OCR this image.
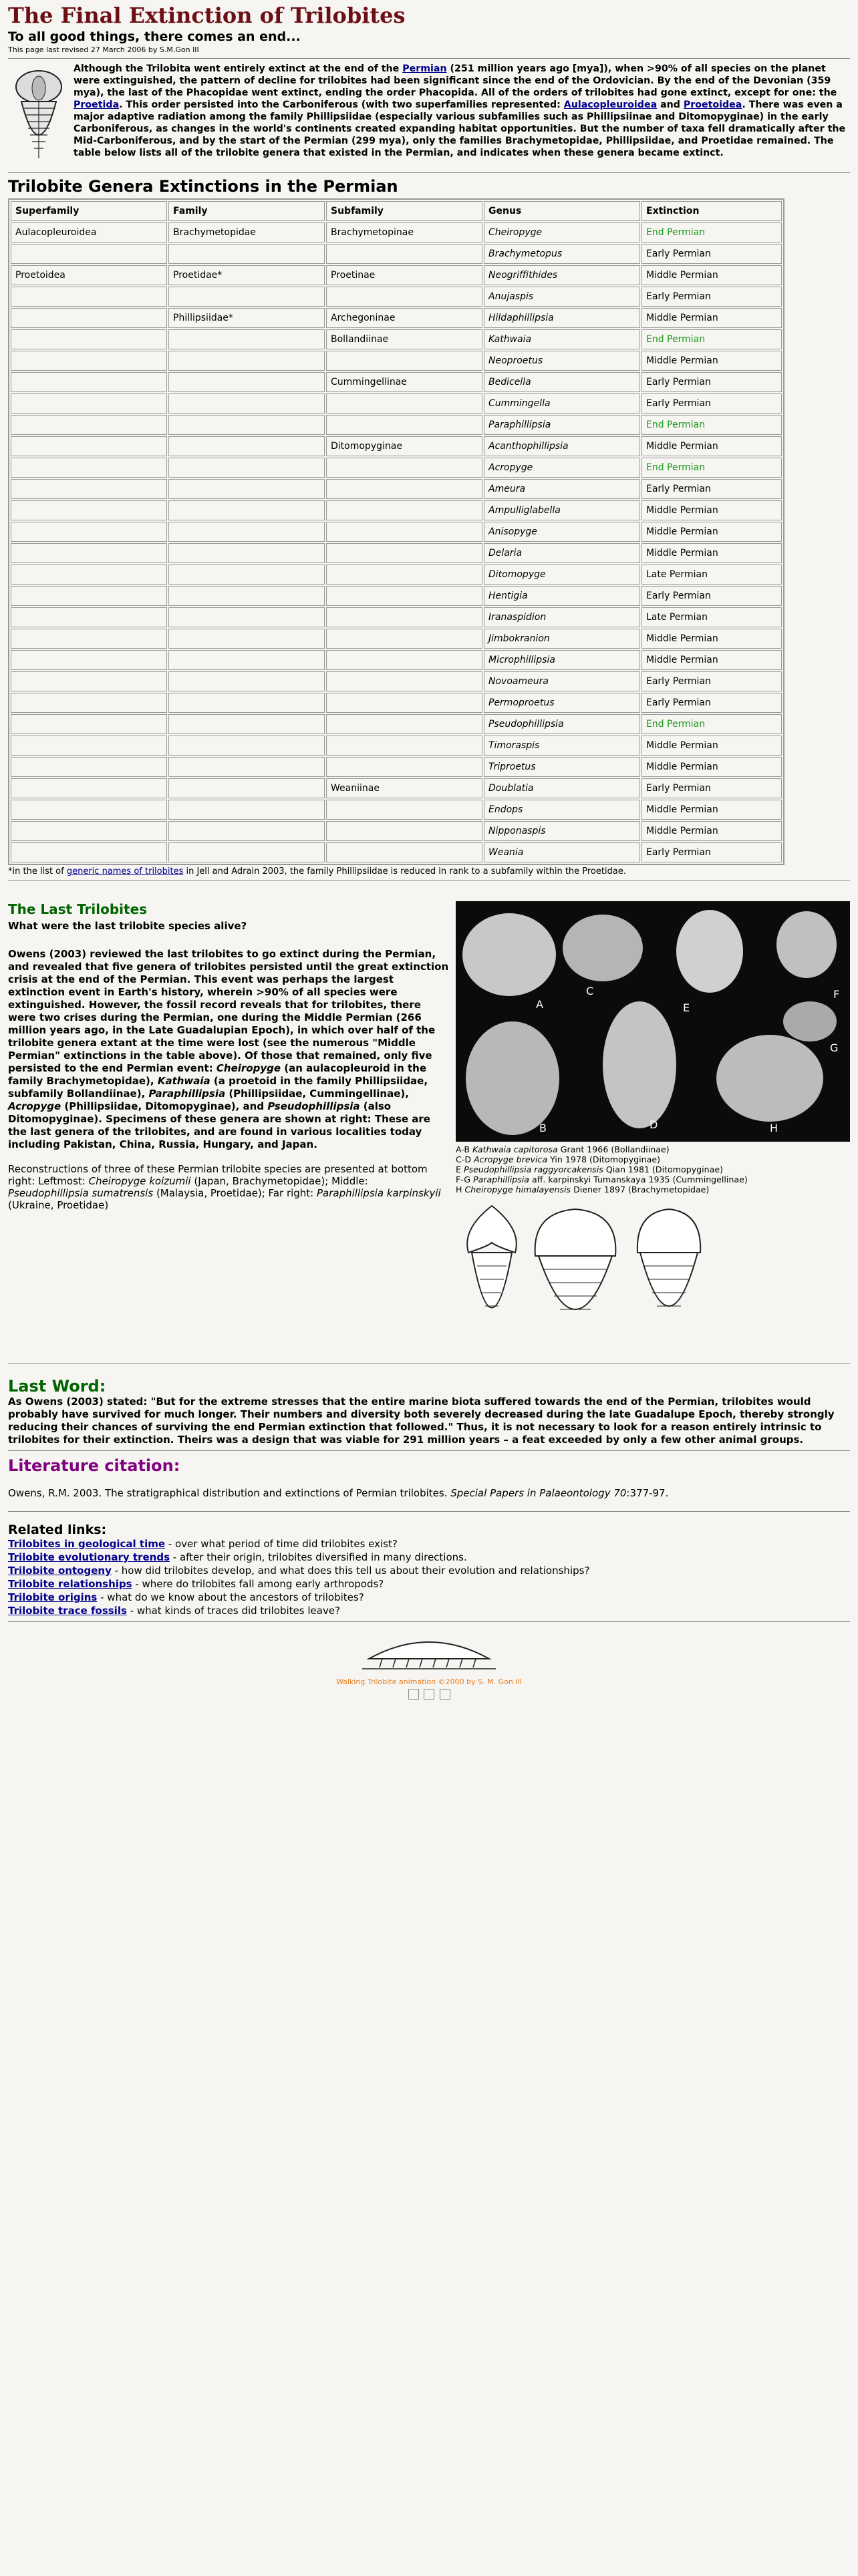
The Final Extinction of Trilobites
To all good things, there comes an end...
This page last revised 27 March 2006 by S.M.Gon III
Although the Trilobita went entirely extinct at the end of the Permian (251 million years ago [mya]), when >90% of all species on the planet were extinguished, the pattern of decline for trilobites had been significant since the end of the Ordovician. By the end of the Devonian (359 mya), the last of the Phacopidae went extinct, ending the order Phacopida. All of the orders of trilobites had gone extinct, except for one: the Proetida. This order persisted into the Carboniferous (with two superfamilies represented: Aulacopleuroidea and Proetoidea. There was even a major adaptive radiation among the family Phillipsiidae (especially various subfamilies such as Phillipsiinae and Ditomopyginae) in the early Carboniferous, as changes in the world's continents created expanding habitat opportunities. But the number of taxa fell dramatically after the Mid-Carboniferous, and by the start of the Permian (299 mya), only the families Brachymetopidae, Phillipsiidae, and Proetidae remained. The table below lists all of the trilobite genera that existed in the Permian, and indicates when these genera became extinct.
Trilobite Genera Extinctions in the Permian
Superfamily	Family	Subfamily	Genus	Extinction
Aulacopleuroidea	Brachymetopidae	Brachymetopinae	Cheiropyge	End Permian
			Brachymetopus	Early Permian
Proetoidea	Proetidae*	Proetinae	Neogriffithides	Middle Permian
			Anujaspis	Early Permian
	Phillipsiidae*	Archegoninae	Hildaphillipsia	Middle Permian
		Bollandiinae	Kathwaia	End Permian
			Neoproetus	Middle Permian
		Cummingellinae	Bedicella	Early Permian
			Cummingella	Early Permian
			Paraphillipsia	End Permian
		Ditomopyginae	Acanthophillipsia	Middle Permian
			Acropyge	End Permian
			Ameura	Early Permian
			Ampulliglabella	Middle Permian
			Anisopyge	Middle Permian
			Delaria	Middle Permian
			Ditomopyge	Late Permian
			Hentigia	Early Permian
			Iranaspidion	Late Permian
			Jimbokranion	Middle Permian
			Microphillipsia	Middle Permian
			Novoameura	Early Permian
			Permoproetus	Early Permian
			Pseudophillipsia	End Permian
			Timoraspis	Middle Permian
			Triproetus	Middle Permian
		Weaniinae	Doublatia	Early Permian
			Endops	Middle Permian
			Nipponaspis	Middle Permian
			Weania	Early Permian
*in the list of generic names of trilobites in Jell and Adrain 2003, the family Phillipsiidae is reduced in rank to a subfamily within the Proetidae.
The Last Trilobites
What were the last trilobite species alive?
Owens (2003) reviewed the last trilobites to go extinct during the Permian, and revealed that five genera of trilobites persisted until the great extinction crisis at the end of the Permian. This event was perhaps the largest extinction event in Earth's history, wherein >90% of all species were extinguished. However, the fossil record reveals that for trilobites, there were two crises during the Permian, one during the Middle Permian (266 million years ago, in the Late Guadalupian Epoch), in which over half of the trilobite genera extant at the time were lost (see the numerous "Middle Permian" extinctions in the table above). Of those that remained, only five persisted to the end Permian event: Cheiropyge (an aulacopleuroid in the family Brachymetopidae), Kathwaia (a proetoid in the family Phillipsiidae, subfamily Bollandiinae), Paraphillipsia (Phillipsiidae, Cummingellinae), Acropyge (Phillipsiidae, Ditomopyginae), and Pseudophillipsia (also Ditomopyginae). Specimens of these genera are shown at right: These are the last genera of the trilobites, and are found in various localities today including Pakistan, China, Russia, Hungary, and Japan.
Reconstructions of three of these Permian trilobite species are presented at bottom right: Leftmost: Cheiropyge koizumii (Japan, Brachymetopidae); Middle: Pseudophillipsia sumatrensis (Malaysia, Proetidae); Far right: Paraphillipsia karpinskyii (Ukraine, Proetidae)
A
B
C
D
E
F
G
H
A-B Kathwaia capitorosa Grant 1966 (Bollandiinae)
C-D Acropyge brevica Yin 1978 (Ditomopyginae)
E Pseudophillipsia raggyorcakensis Qian 1981 (Ditomopyginae)
F-G Paraphillipsia aff. karpinskyi Tumanskaya 1935 (Cummingellinae)
H Cheiropyge himalayensis Diener 1897 (Brachymetopidae)
Last Word:
As Owens (2003) stated: "But for the extreme stresses that the entire marine biota suffered towards the end of the Permian, trilobites would probably have survived for much longer. Their numbers and diversity both severely decreased during the late Guadalupe Epoch, thereby strongly reducing their chances of surviving the end Permian extinction that followed." Thus, it is not necessary to look for a reason entirely intrinsic to trilobites for their extinction. Theirs was a design that was viable for 291 million years – a feat exceeded by only a few other animal groups.
Literature citation:
Owens, R.M. 2003. The stratigraphical distribution and extinctions of Permian trilobites. Special Papers in Palaeontology 70:377-97.
Related links:
Trilobites in geological time - over what period of time did trilobites exist?
Trilobite evolutionary trends - after their origin, trilobites diversified in many directions.
Trilobite ontogeny - how did trilobites develop, and what does this tell us about their evolution and relationships?
Trilobite relationships - where do trilobites fall among early arthropods?
Trilobite origins - what do we know about the ancestors of trilobites?
Trilobite trace fossils - what kinds of traces did trilobites leave?
Walking Trilobite animation ©2000 by S. M. Gon III
